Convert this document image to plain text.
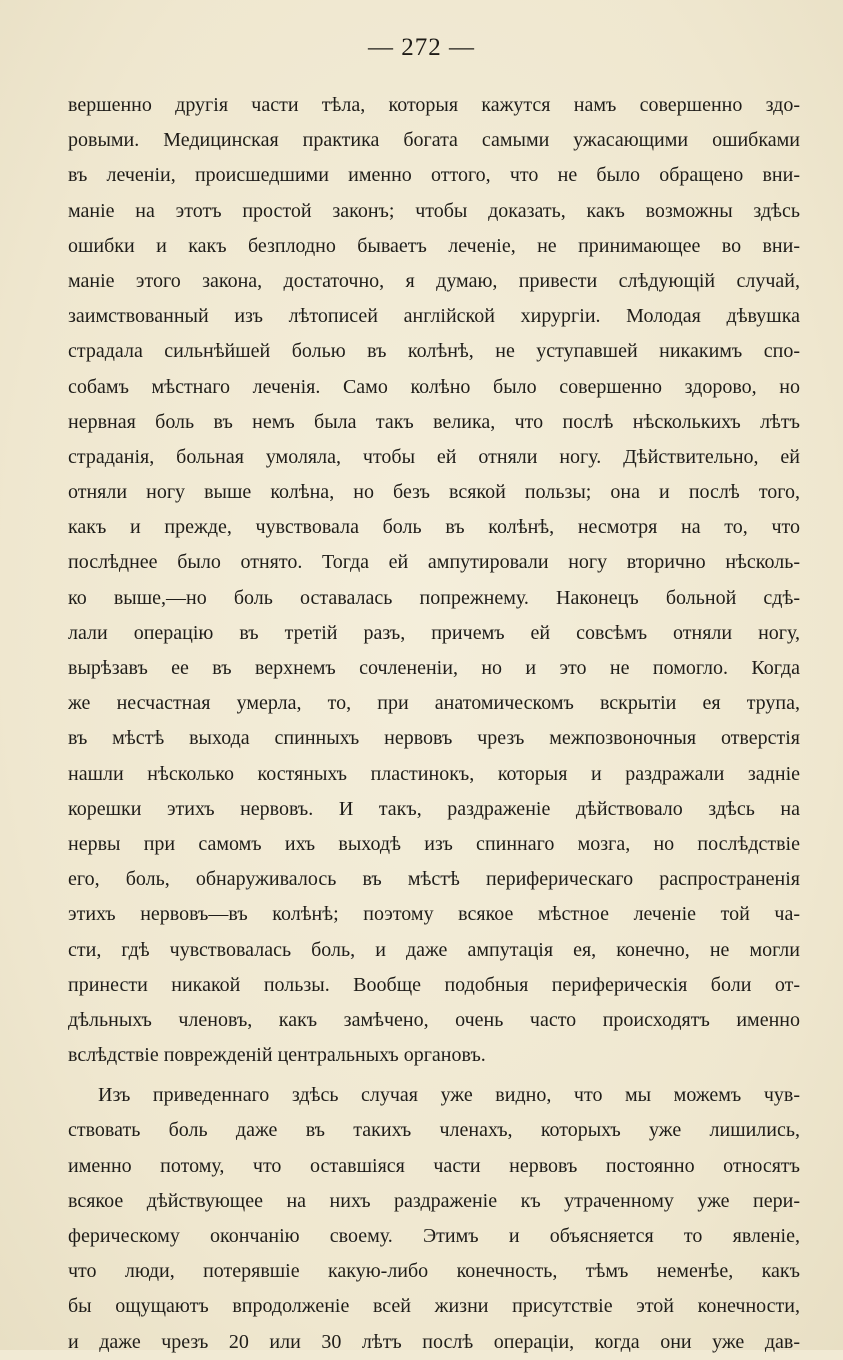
— 272 —
вершенно другія части тѣла, которыя кажутся намъ совершенно здо-
ровыми. Медицинская практика богата самыми ужасающими ошибками
въ леченіи, происшедшими именно оттого, что не было обращено вни-
маніе на этотъ простой законъ; чтобы доказать, какъ возможны здѣсь
ошибки и какъ безплодно бываетъ леченіе, не принимающее во вни-
маніе этого закона, достаточно, я думаю, привести слѣдующій случай,
заимствованный изъ лѣтописей англійской хирургіи. Молодая дѣвушка
страдала сильнѣйшей болью въ колѣнѣ, не уступавшей никакимъ спо-
собамъ мѣстнаго леченія. Само колѣно было совершенно здорово, но
нервная боль въ немъ была такъ велика, что послѣ нѣсколькихъ лѣтъ
страданія, больная умоляла, чтобы ей отняли ногу. Дѣйствительно, ей
отняли ногу выше колѣна, но безъ всякой пользы; она и послѣ того,
какъ и прежде, чувствовала боль въ колѣнѣ, несмотря на то, что
послѣднее было отнято. Тогда ей ампутировали ногу вторично нѣсколь-
ко выше,—но боль оставалась попрежнему. Наконецъ больной сдѣ-
лали операцію въ третій разъ, причемъ ей совсѣмъ отняли ногу,
вырѣзавъ ее въ верхнемъ сочлененіи, но и это не помогло. Когда
же несчастная умерла, то, при анатомическомъ вскрытіи ея трупа,
въ мѣстѣ выхода спинныхъ нервовъ чрезъ межпозвоночныя отверстія
нашли нѣсколько костяныхъ пластинокъ, которыя и раздражали задніе
корешки этихъ нервовъ. И такъ, раздраженіе дѣйствовало здѣсь на
нервы при самомъ ихъ выходѣ изъ спиннаго мозга, но послѣдствіе
его, боль, обнаруживалось въ мѣстѣ периферическаго распространенія
этихъ нервовъ—въ колѣнѣ; поэтому всякое мѣстное леченіе той ча-
сти, гдѣ чувствовалась боль, и даже ампутація ея, конечно, не могли
принести никакой пользы. Вообще подобныя периферическія боли от-
дѣльныхъ членовъ, какъ замѣчено, очень часто происходятъ именно
вслѣдствіе поврежденій центральныхъ органовъ.
Изъ приведеннаго здѣсь случая уже видно, что мы можемъ чув-
ствовать боль даже въ такихъ членахъ, которыхъ уже лишились,
именно потому, что оставшіяся части нервовъ постоянно относятъ
всякое дѣйствующее на нихъ раздраженіе къ утраченному уже пери-
ферическому окончанію своему. Этимъ и объясняется то явленіе,
что люди, потерявшіе какую-либо конечность, тѣмъ неменѣе, какъ
бы ощущаютъ впродолженіе всей жизни присутствіе этой конечности,
и даже чрезъ 20 или 30 лѣтъ послѣ операціи, когда они уже дав-
